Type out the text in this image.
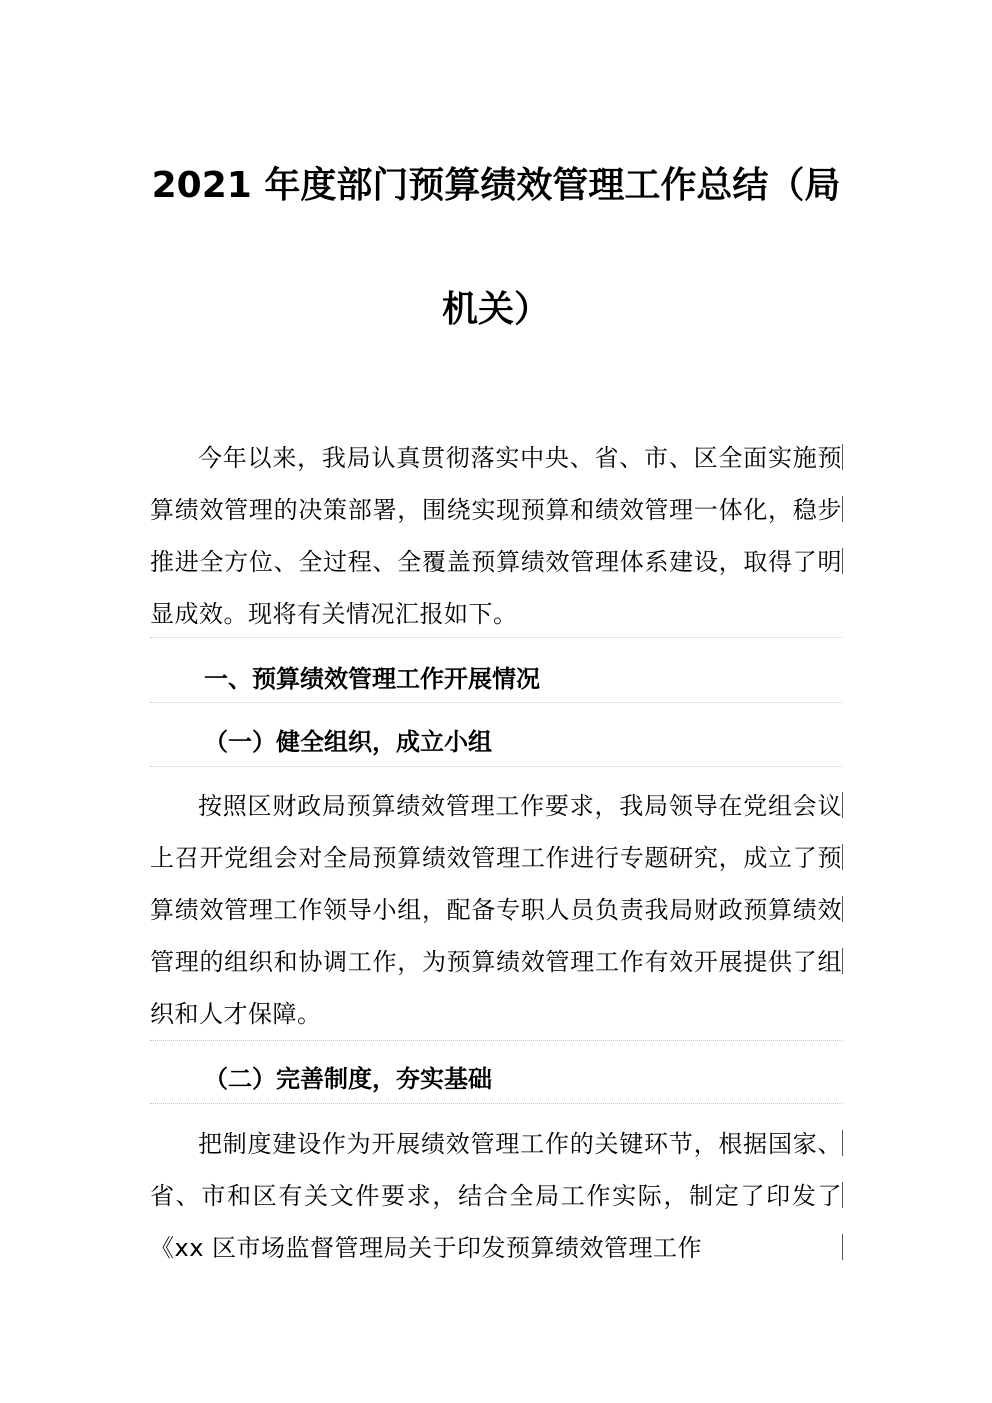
2021 年度部门预算绩效管理工作总结（局
机关）

今年以来，我局认真贯彻落实中央、省、市、区全面实施预算绩效管理的决策部署，围绕实现预算和绩效管理一体化，稳步推进全方位、全过程、全覆盖预算绩效管理体系建设，取得了明显成效。现将有关情况汇报如下。

一、预算绩效管理工作开展情况
（一）健全组织，成立小组

按照区财政局预算绩效管理工作要求，我局领导在党组会议上召开党组会对全局预算绩效管理工作进行专题研究，成立了预算绩效管理工作领导小组，配备专职人员负责我局财政预算绩效管理的组织和协调工作，为预算绩效管理工作有效开展提供了组织和人才保障。

（二）完善制度，夯实基础

把制度建设作为开展绩效管理工作的关键环节，根据国家、省、市和区有关文件要求，结合全局工作实际，制定了印发了《xx 区市场监督管理局关于印发预算绩效管理工作
